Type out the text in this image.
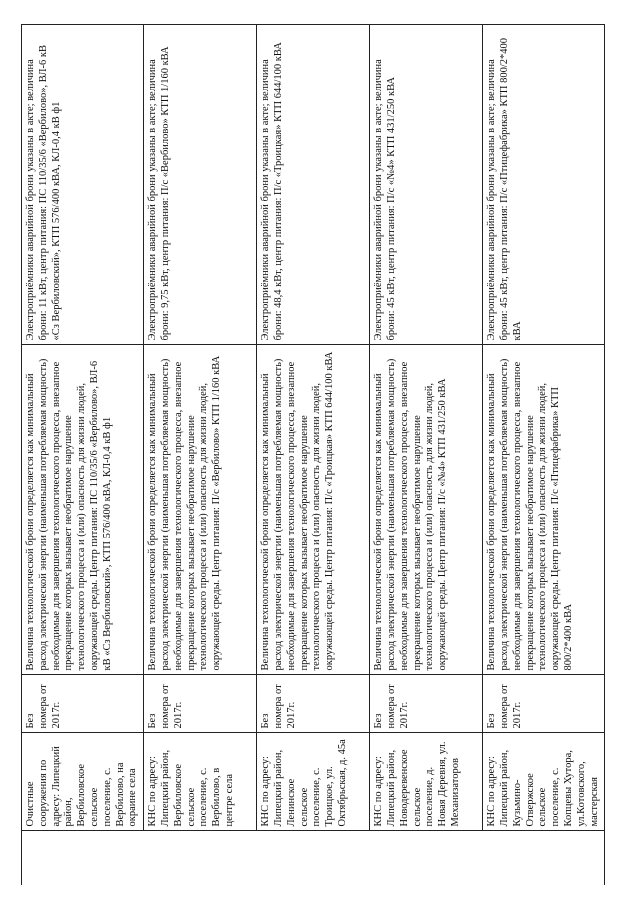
	Очистные сооружения по адресу: Липецкий район, Вербиловское сельское поселение, с. Вербилово, на окраине села	Без номера от 2017г.	Величина технологической брони определяется как минимальный расход электрической энергии (наименьшая потребляемая мощность) необходимые для завершения технологического процесса, внезапное прекращение которых вызывает необратимое нарушение технологического процесса и (или) опасность для жизни людей, окружающей среды. Центр питания: ПС 110/35/6 «Вербилово», ВЛ-6 кВ «Сз Вербиловский», КТП 576/400 кВА, КЛ-0,4 кВ ф1	Электроприёмники аварийной брони указаны в акте; величина брони: 11 кВт, центр питания: ПС 110/35/6 «Вербилово», ВЛ-6 кВ «Сз Вербиловский», КТП 576/400 кВА, КЛ-0,4 кВ ф1
	КНС по адресу: Липецкий район, Вербиловское сельское поселение, с. Вербилово, в центре села	Без номера от 2017г.	Величина технологической брони определяется как минимальный расход электрической энергии (наименьшая потребляемая мощность) необходимые для завершения технологического процесса, внезапное прекращение которых вызывает необратимое нарушение технологического процесса и (или) опасность для жизни людей, окружающей среды. Центр питания: П/с «Вербилово» КТП 1/160 кВА	Электроприёмники аварийной брони указаны в акте; величина брони: 9,75 кВт, центр питания: П/с «Вербилово» КТП 1/160 кВА
	КНС по адресу: Липецкий район, Ленинское сельское поселение, с. Троицкое, ул. Октябрьская, д. 45а	Без номера от 2017г.	Величина технологической брони определяется как минимальный расход электрической энергии (наименьшая потребляемая мощность) необходимые для завершения технологического процесса, внезапное прекращение которых вызывает необратимое нарушение технологического процесса и (или) опасность для жизни людей, окружающей среды. Центр питания: П/с «Троицкая» КТП 644/100 кВА	Электроприёмники аварийной брони указаны в акте; величина брони: 48,4 кВт, центр питания: П/с «Троицкая» КТП 644/100 кВА
	КНС по адресу: Липецкий район, Новодеревенское сельское поселение, д. Новая Деревня, ул. Механизаторов	Без номера от 2017г.	Величина технологической брони определяется как минимальный расход электрической энергии (наименьшая потребляемая мощность) необходимые для завершения технологического процесса, внезапное прекращение которых вызывает необратимое нарушение технологического процесса и (или) опасность для жизни людей, окружающей среды. Центр питания: П/с «№4» КТП 431/250 кВА	Электроприёмники аварийной брони указаны в акте; величина брони: 45 кВт, центр питания: П/с «№4» КТП 431/250 кВА
	КНС по адресу: Липецкий район, Кузьмино-Отвержское сельское поселение, с. Копцевы Хутора, ул.Котовского, мастерская	Без номера от 2017г.	Величина технологической брони определяется как минимальный расход электрической энергии (наименьшая потребляемая мощность) необходимые для завершения технологического процесса, внезапное прекращение которых вызывает необратимое нарушение технологического процесса и (или) опасность для жизни людей, окружающей среды. Центр питания: П/с «Птицефабрика» КТП 800/2*400 кВА	Электроприёмники аварийной брони указаны в акте; величина брони: 45 кВт, центр питания: П/с «Птицефабрика» КТП 800/2*400 кВА
